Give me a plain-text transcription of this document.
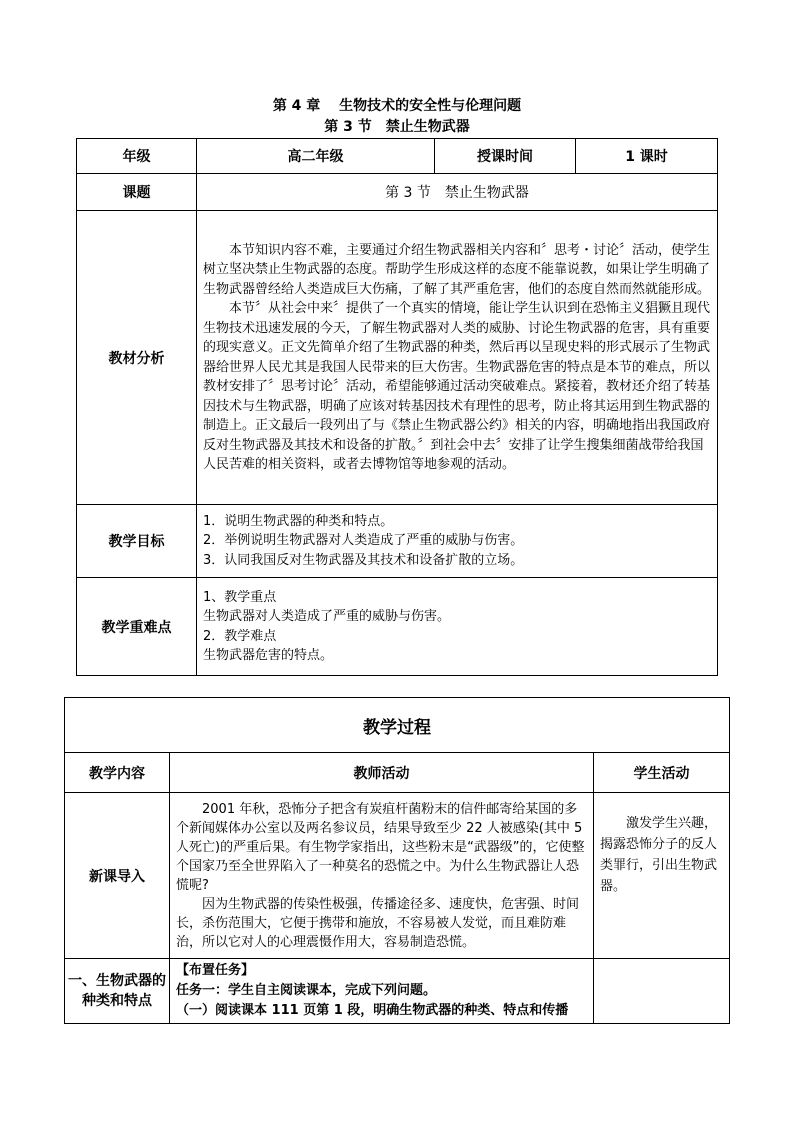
第 4 章　 生物技术的安全性与伦理问题
第 3 节　禁止生物武器
年级	高二年级	授课时间	1 课时
课题	第 3 节　禁止生物武器		
教材分析	本节知识内容不难，主要通过介绍生物武器相关内容和〞思考・讨论〞活动，使学生树立坚决禁止生物武器的态度。帮助学生形成这样的态度不能靠说教，如果让学生明确了生物武器曾经给人类造成巨大伤痛，了解了其严重危害，他们的态度自然而然就能形成。

本节〞从社会中来〞提供了一个真实的情境，能让学生认识到在恐怖主义猖獗且现代生物技术迅速发展的今天，了解生物武器对人类的威胁、讨论生物武器的危害，具有重要的现实意义。正文先简单介绍了生物武器的种类，然后再以呈现史料的形式展示了生物武器给世界人民尤其是我国人民带来的巨大伤害。生物武器危害的特点是本节的难点，所以教材安排了〞思考讨论〞活动，希望能够通过活动突破难点。紧接着，教材还介绍了转基因技术与生物武器，明确了应该对转基因技术有理性的思考，防止将其运用到生物武器的制造上。正文最后一段列出了与《禁止生物武器公约》相关的内容，明确地指出我国政府反对生物武器及其技术和设备的扩散。〞到社会中去〞安排了让学生搜集细菌战带给我国人民苦难的相关资料，或者去博物馆等地参观的活动。		

教学目标	1．说明生物武器的种类和特点。

2．举例说明生物武器对人类造成了严重的威胁与伤害。

3．认同我国反对生物武器及其技术和设备扩散的立场。		

教学重难点	1、教学重点

生物武器对人类造成了严重的威胁与伤害。

2．教学难点

生物武器危害的特点。		

教学过程		
教学内容	教师活动	学生活动
新课导入	2001 年秋，恐怖分子把含有炭疽杆菌粉末的信件邮寄给某国的多个新闻媒体办公室以及两名参议员，结果导致至少 22 人被感染(其中 5 人死亡)的严重后果。有生物学家指出，这些粉末是“武器级”的，它使整个国家乃至全世界陷入了一种莫名的恐慌之中。为什么生物武器让人恐慌呢?

因为生物武器的传染性极强，传播途径多、速度快，危害强、时间长，杀伤范围大，它便于携带和施放，不容易被人发觉，而且难防难治，所以它对人的心理震慑作用大，容易制造恐慌。	激发学生兴趣，揭露恐怖分子的反人类罪行，引出生物武器。
一、生物武器的种类和特点	【布置任务】

任务一：学生自主阅读课本，完成下列问题。

（一）阅读课本 111 页第 1 段，明确生物武器的种类、特点和传播	
